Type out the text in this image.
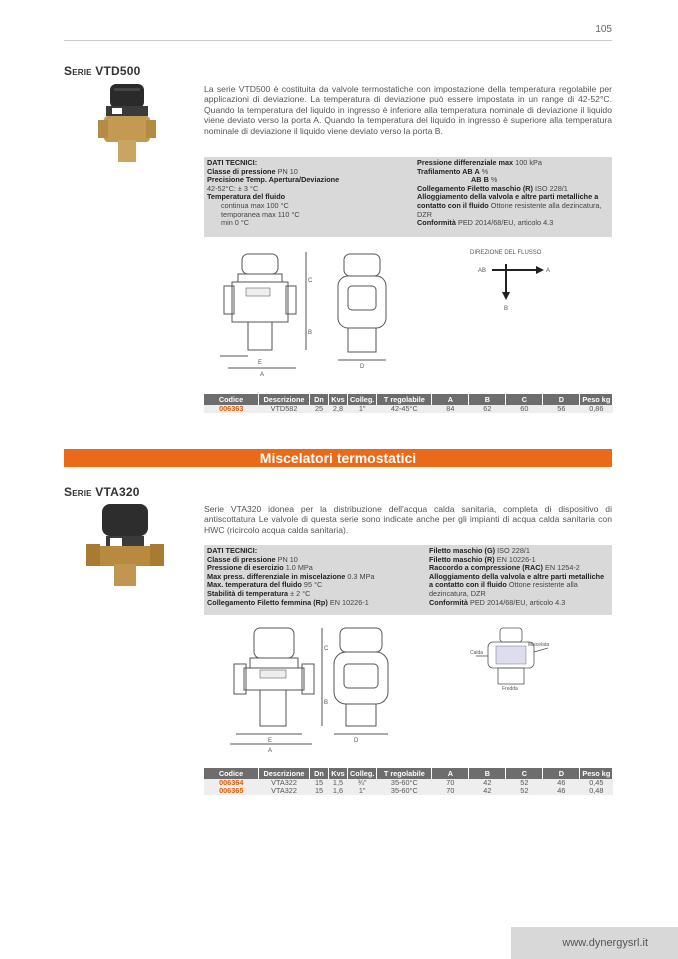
105
Serie VTD500
La serie VTD500 è costituita da valvole termostatiche con impostazione della temperatura regolabile per applicazioni di deviazione. La temperatura di deviazione può essere impostata in un range di 42-52°C. Quando la temperatura del liquido in ingresso è inferiore alla temperatura nominale di deviazione il liquido viene deviato verso la porta A. Quando la temperatura del liquido in ingresso è superiore alla temperatura nominale di deviazione il liquido viene deviato verso la porta B.
DATI TECNICI:
Classe di pressione PN 10
Precisione Temp. Apertura/Deviazione
42-52°C: ± 3 °C
Temperatura del fluido
continua max 100 °C
temporanea max 110 °C
min 0 °C
Pressione differenziale max 100 kPa
Trafilamento AB A %
AB B %
Collegamento Filetto maschio (R) ISO 228/1
Alloggiamento della valvola e altre parti metalliche a contatto con il fluido Ottone resistente alla dezincatura, DZR
Conformità PED 2014/68/EU, articolo 4.3
C
B
E
A
D
DIREZIONE DEL FLUSSO
AB	A
B
Codice	Descrizione	Dn	Kvs	Colleg.	T regolabile	A	B	C	D	Peso kg
006363	VTD582	25	2,8	1"	42-45°C	84	62	60	56	0,86
Miscelatori termostatici
Serie VTA320
Serie VTA320 idonea per la distribuzione dell'acqua calda sanitaria, completa di dispositivo di antiscottatura Le valvole di questa serie sono indicate anche per gli impianti di acqua calda sanitaria con HWC (ricircolo acqua calda sanitaria).
DATI TECNICI:
Classe di pressione PN 10
Pressione di esercizio 1.0 MPa
Max press. differenziale in miscelazione 0.3 MPa
Max. temperatura del fluido 95 °C
Stabilità di temperatura ± 2 °C
Collegamento Filetto femmina (Rp) EN 10226-1
Filetto maschio (G) ISO 228/1
Filetto maschio (R) EN 10226-1
Raccordo a compressione (RAC) EN 1254-2
Alloggiamento della valvola e altre parti metalliche a contatto con il fluido Ottone resistente alla dezincatura, DZR
Conformità PED 2014/68/EU, articolo 4.3
C
B
E
A
D
Miscelata
Calda
Fredda
Codice	Descrizione	Dn	Kvs	Colleg.	T regolabile	A	B	C	D	Peso kg
006364	VTA322	15	1,5	¾"	35-60°C	70	42	52	46	0,45
006365	VTA322	15	1,6	1"	35-60°C	70	42	52	46	0,48
www.dynergysrl.it
